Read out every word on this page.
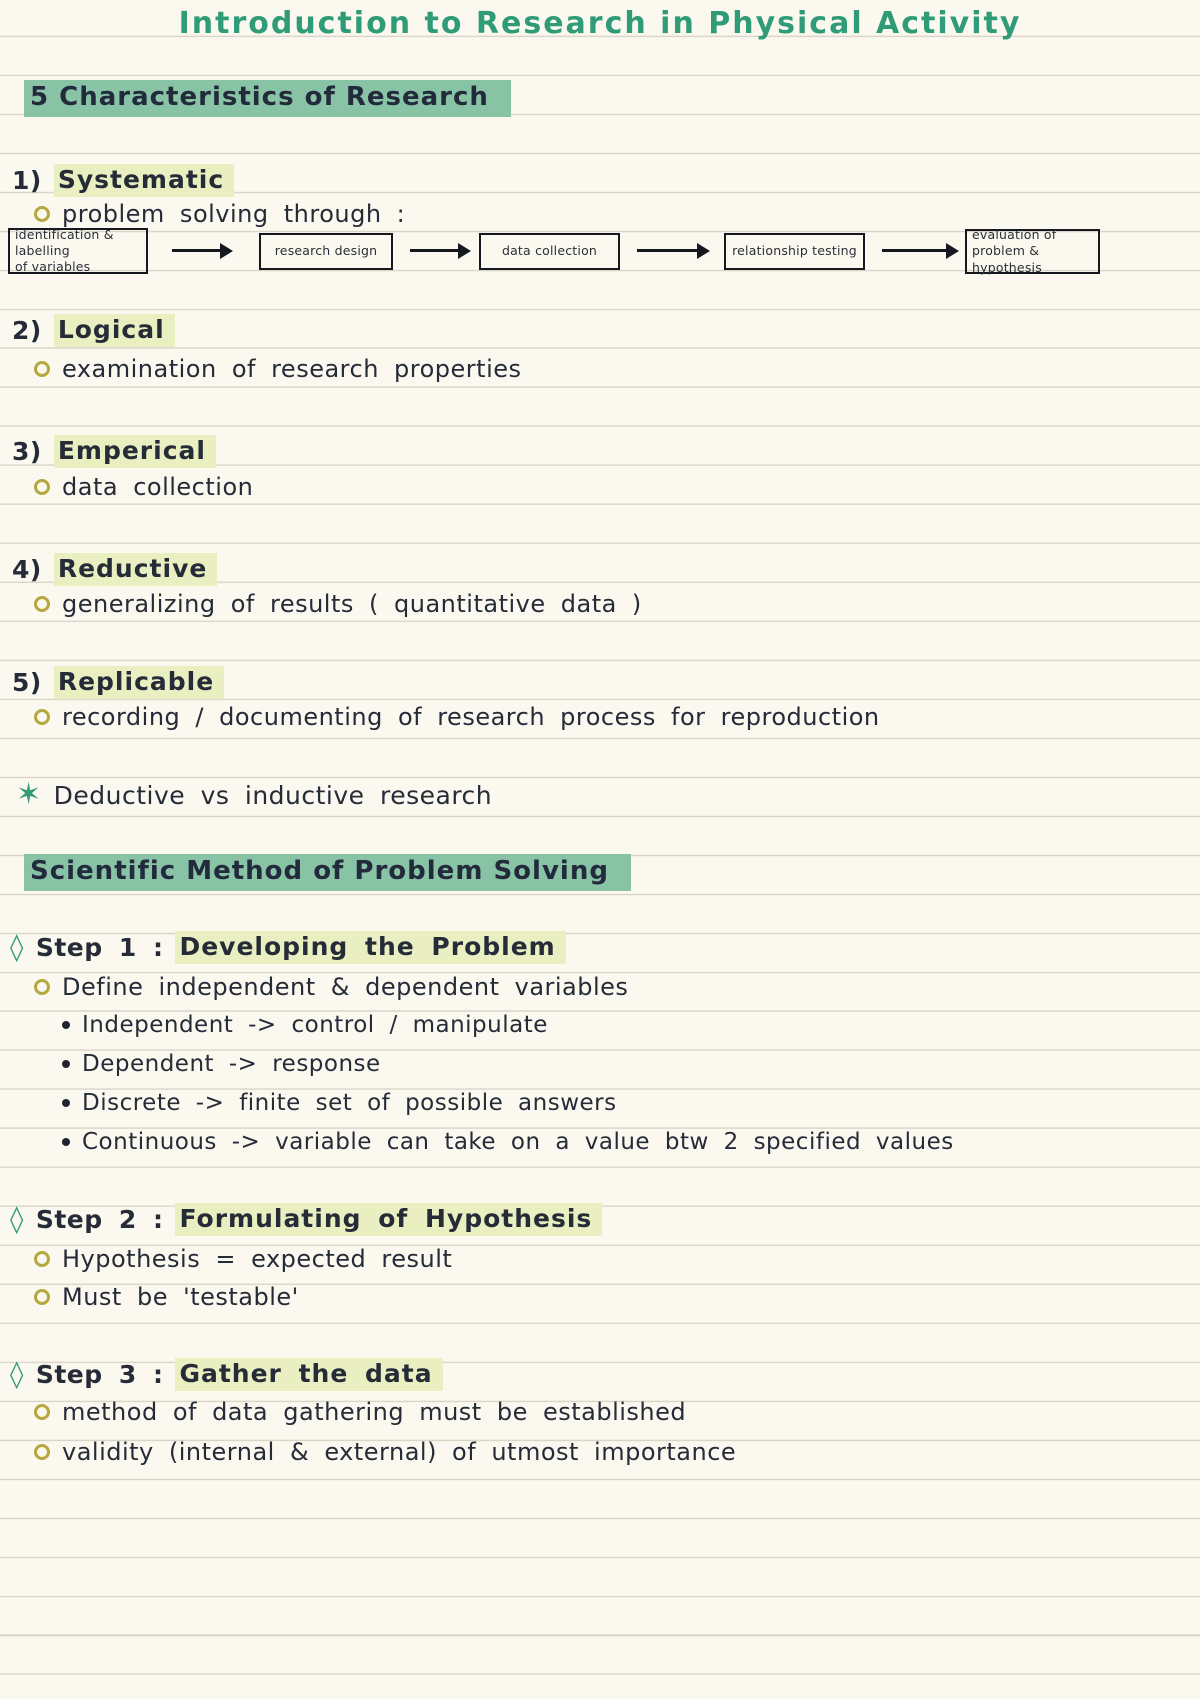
Introduction to Research in Physical Activity
5 Characteristics of Research
1) Systematic
problem solving through :
identification & labelling
of variables
research design	data collection	relationship testing
evaluation of problem &
hypothesis
2) Logical
examination of research properties
3) Emperical
data collection
4) Reductive
generalizing of results ( quantitative data )
5) Replicable
recording / documenting of research process for reproduction
✶ Deductive vs inductive research
Scientific Method of Problem Solving
◊ Step 1 : Developing the Problem
Define independent & dependent variables
Independent -> control / manipulate
Dependent -> response
Discrete -> finite set of possible answers
Continuous -> variable can take on a value btw 2 specified values
◊ Step 2 : Formulating of Hypothesis
Hypothesis = expected result
Must be 'testable'
◊ Step 3 : Gather the data
method of data gathering must be established
validity (internal & external) of utmost importance
